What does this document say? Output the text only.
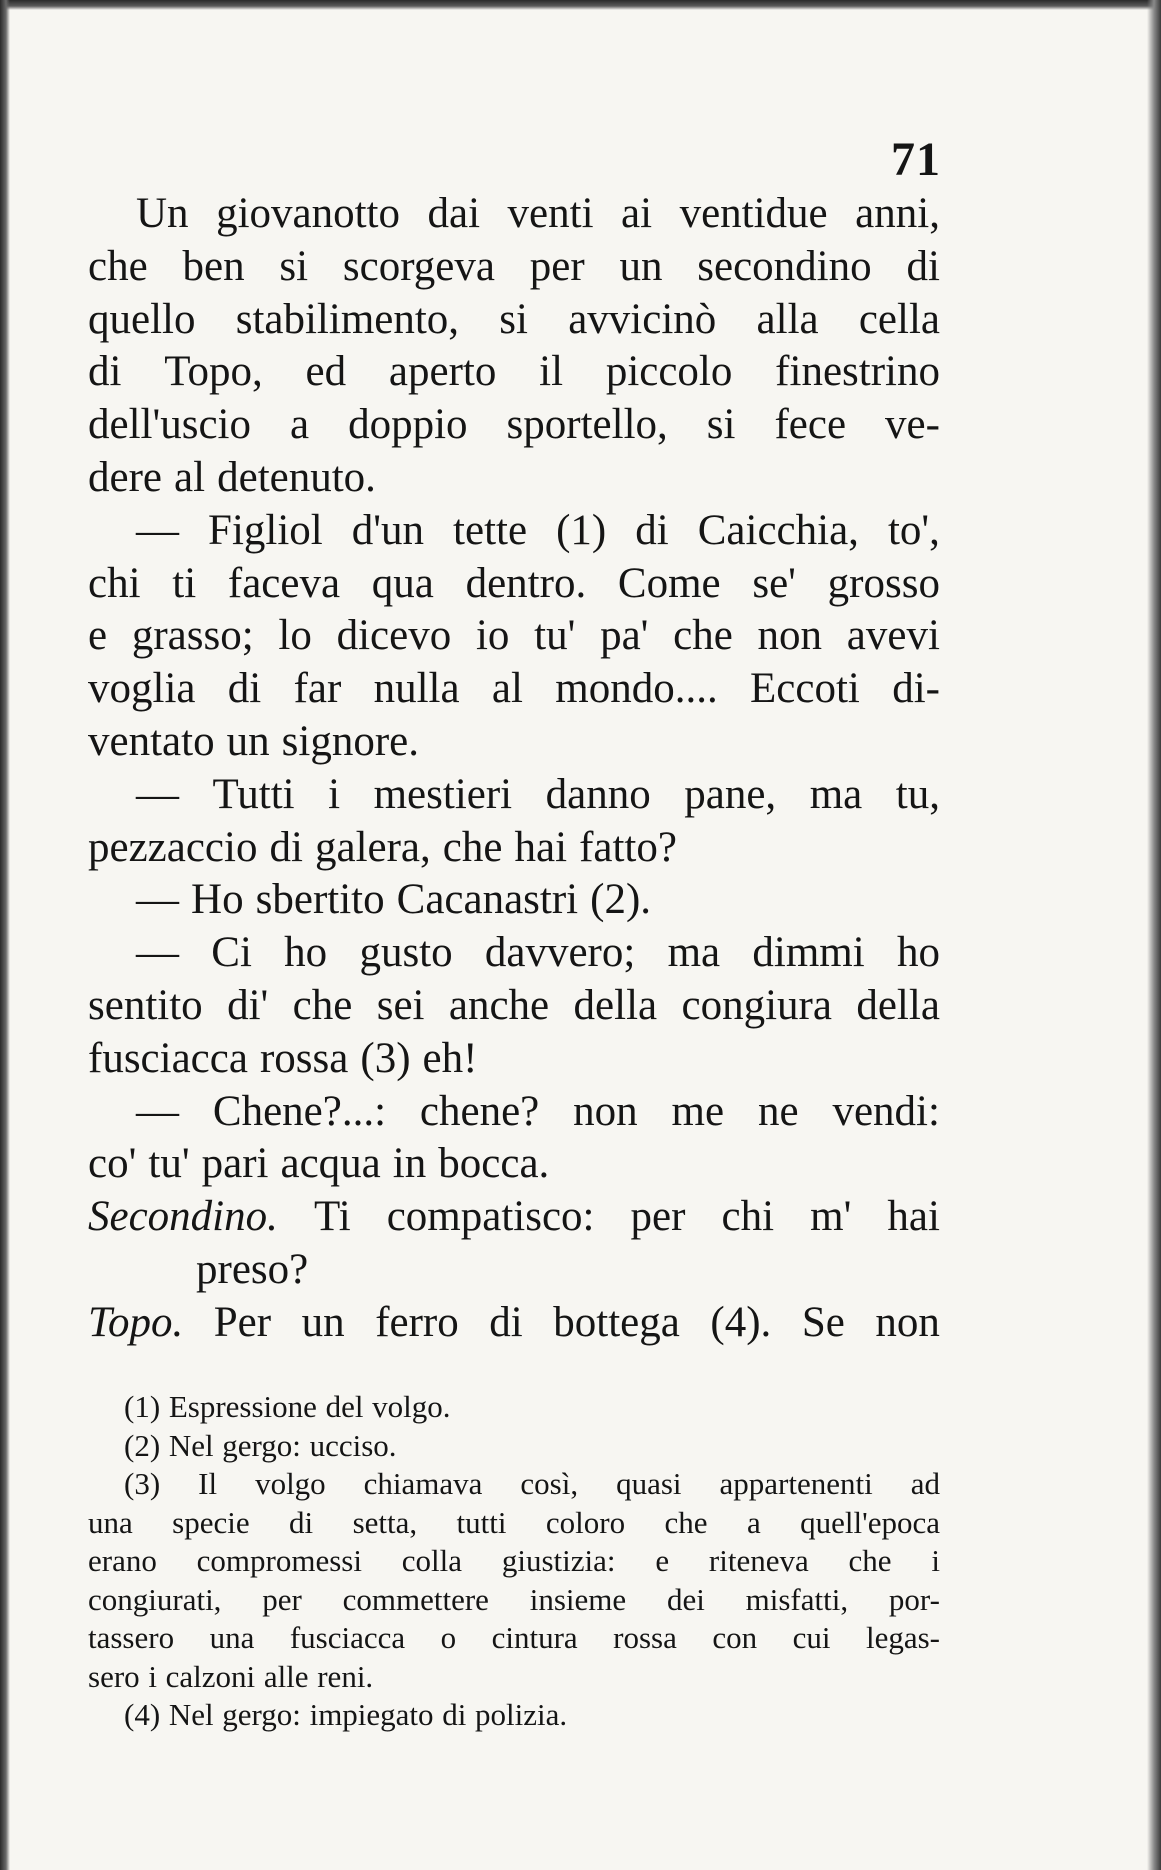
71
Un giovanotto dai venti ai ventidue anni,
che ben si scorgeva per un secondino di
quello stabilimento, si avvicinò alla cella
di Topo, ed aperto il piccolo finestrino
dell'uscio a doppio sportello, si fece ve-
dere al detenuto.
— Figliol d'un tette (1) di Caicchia, to',
chi ti faceva qua dentro. Come se' grosso
e grasso; lo dicevo io tu' pa' che non avevi
voglia di far nulla al mondo.... Eccoti di-
ventato un signore.
— Tutti i mestieri danno pane, ma tu,
pezzaccio di galera, che hai fatto?
— Ho sbertito Cacanastri (2).
— Ci ho gusto davvero; ma dimmi ho
sentito di' che sei anche della congiura della
fusciacca rossa (3) eh!
— Chene?...: chene? non me ne vendi:
co' tu' pari acqua in bocca.
Secondino. Ti compatisco: per chi m' hai
preso?
Topo. Per un ferro di bottega (4). Se non
(1) Espressione del volgo.
(2) Nel gergo: ucciso.
(3) Il volgo chiamava così, quasi appartenenti ad
una specie di setta, tutti coloro che a quell'epoca
erano compromessi colla giustizia: e riteneva che i
congiurati, per commettere insieme dei misfatti, por-
tassero una fusciacca o cintura rossa con cui legas-
sero i calzoni alle reni.
(4) Nel gergo: impiegato di polizia.
